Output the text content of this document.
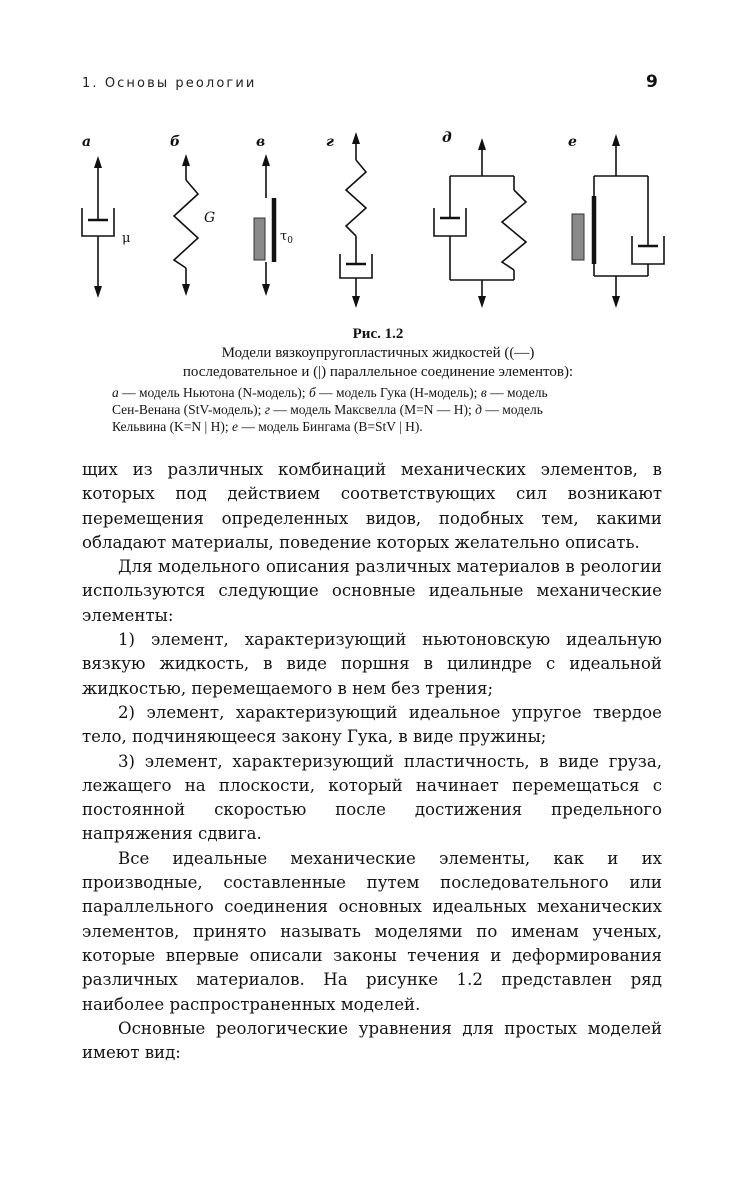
1. Основы реологии	9
а	б	в	г	д	е
μ
G
$\tau_0$
Рис. 1.2
Модели вязкоупругопластичных жидкостей ((—)
последовательное и (|) параллельное соединение элементов):
а — модель Ньютона (N-модель); б — модель Гука (H-модель); в — модель
Сен-Венана (StV-модель); г — модель Максвелла (M=N — H); д — модель
Кельвина (K=N | H); е — модель Бингама (B=StV | H).

щих из различных комбинаций механических элементов, в которых под действием соответствующих сил возникают перемещения определенных видов, подобных тем, какими обладают материалы, поведение которых желательно описать.

Для модельного описания различных материалов в реологии используются следующие основные идеальные механические элементы:

1) элемент, характеризующий ньютоновскую идеальную вязкую жидкость, в виде поршня в цилиндре с идеальной жидкостью, перемещаемого в нем без трения;

2) элемент, характеризующий идеальное упругое твердое тело, подчиняющееся закону Гука, в виде пружины;

3) элемент, характеризующий пластичность, в виде груза, лежащего на плоскости, который начинает перемещаться с постоянной скоростью после достижения предельного напряжения сдвига.

Все идеальные механические элементы, как и их производные, составленные путем последовательного или параллельного соединения основных идеальных механических элементов, принято называть моделями по именам ученых, которые впервые описали законы течения и деформирования различных материалов. На рисунке 1.2 представлен ряд наиболее распространенных моделей.

Основные реологические уравнения для простых моделей имеют вид:
